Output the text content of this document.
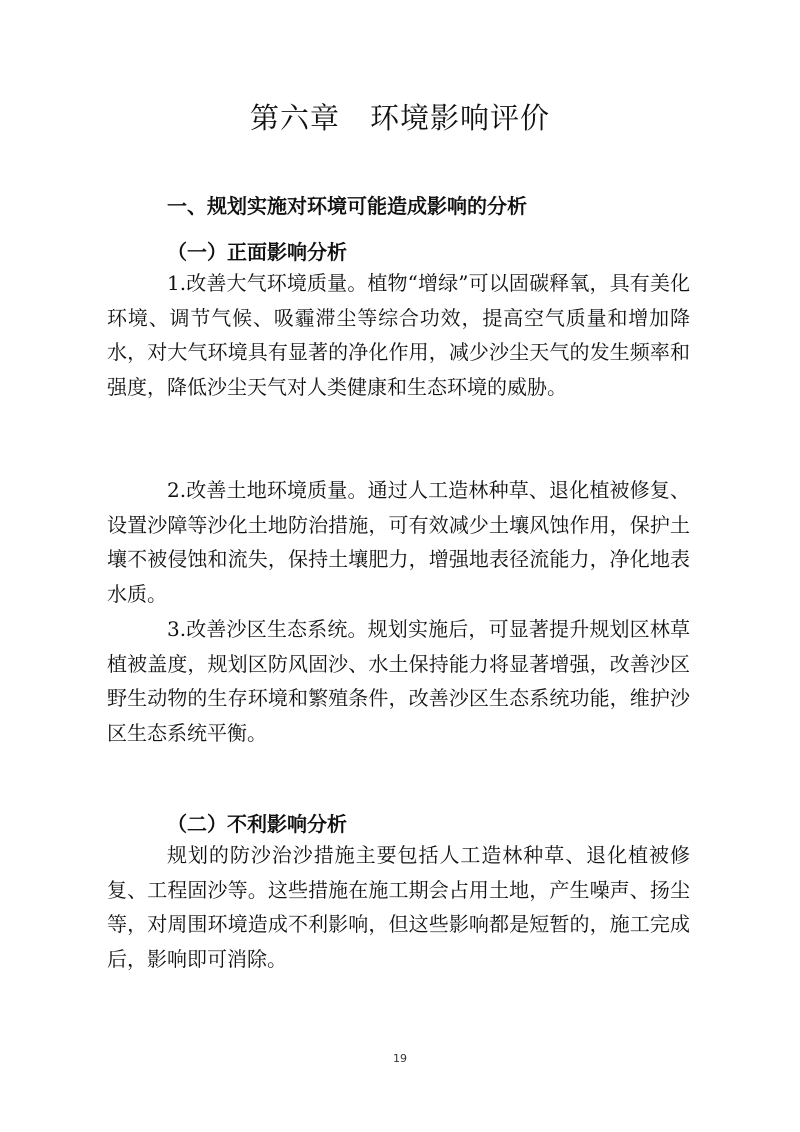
第六章　环境影响评价
一、规划实施对环境可能造成影响的分析
（一）正面影响分析
1.改善大气环境质量。植物“增绿”可以固碳释氧，具有美化环境、调节气候、吸霾滞尘等综合功效，提高空气质量和增加降水，对大气环境具有显著的净化作用，减少沙尘天气的发生频率和强度，降低沙尘天气对人类健康和生态环境的威胁。
2.改善土地环境质量。通过人工造林种草、退化植被修复、设置沙障等沙化土地防治措施，可有效减少土壤风蚀作用，保护土壤不被侵蚀和流失，保持土壤肥力，增强地表径流能力，净化地表水质。
3.改善沙区生态系统。规划实施后，可显著提升规划区林草植被盖度，规划区防风固沙、水土保持能力将显著增强，改善沙区野生动物的生存环境和繁殖条件，改善沙区生态系统功能，维护沙区生态系统平衡。
（二）不利影响分析
规划的防沙治沙措施主要包括人工造林种草、退化植被修复、工程固沙等。这些措施在施工期会占用土地，产生噪声、扬尘等，对周围环境造成不利影响，但这些影响都是短暂的，施工完成后，影响即可消除。
19
